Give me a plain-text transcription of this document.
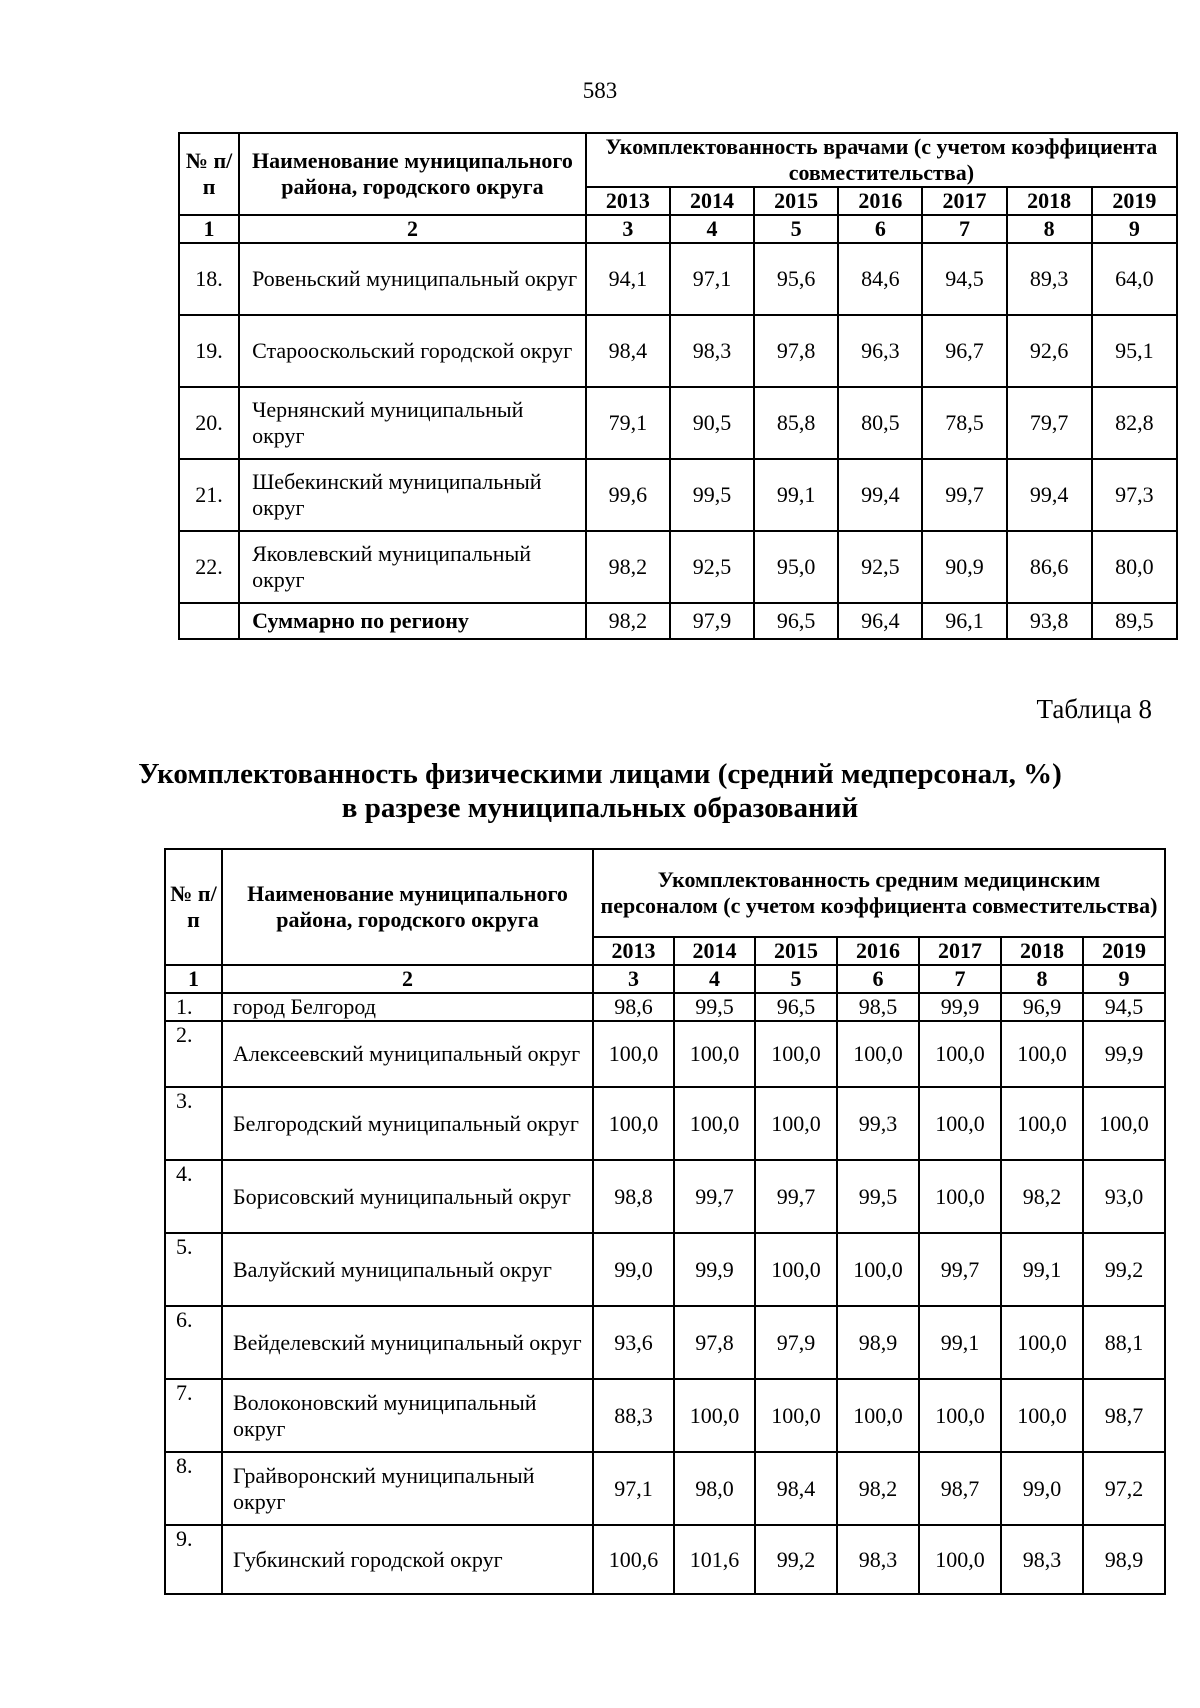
583
№ п/п	Наименование муниципального района, городского округа	Укомплектованность врачами (с учетом коэффициента совместительства)						
		2013	2014	2015	2016	2017	2018	2019
1	2	3	4	5	6	7	8	9
18.	Ровеньский муниципальный округ	94,1	97,1	95,6	84,6	94,5	89,3	64,0
19.	Старооскольский городской округ	98,4	98,3	97,8	96,3	96,7	92,6	95,1
20.	Чернянский муниципальный округ	79,1	90,5	85,8	80,5	78,5	79,7	82,8
21.	Шебекинский муниципальный округ	99,6	99,5	99,1	99,4	99,7	99,4	97,3
22.	Яковлевский муниципальный округ	98,2	92,5	95,0	92,5	90,9	86,6	80,0
	Суммарно по региону	98,2	97,9	96,5	96,4	96,1	93,8	89,5
Таблица 8
Укомплектованность физическими лицами (средний медперсонал, %)
в разрезе муниципальных образований
№ п/п	Наименование муниципального района, городского округа	Укомплектованность средним медицинским персоналом (с учетом коэффициента совместительства)						
		2013	2014	2015	2016	2017	2018	2019
1	2	3	4	5	6	7	8	9
1.	город Белгород	98,6	99,5	96,5	98,5	99,9	96,9	94,5
2.	Алексеевский муниципальный округ	100,0	100,0	100,0	100,0	100,0	100,0	99,9
3.	Белгородский муниципальный округ	100,0	100,0	100,0	99,3	100,0	100,0	100,0
4.	Борисовский муниципальный округ	98,8	99,7	99,7	99,5	100,0	98,2	93,0
5.	Валуйский муниципальный округ	99,0	99,9	100,0	100,0	99,7	99,1	99,2
6.	Вейделевский муниципальный округ	93,6	97,8	97,9	98,9	99,1	100,0	88,1
7.	Волоконовский муниципальный округ	88,3	100,0	100,0	100,0	100,0	100,0	98,7
8.	Грайворонский муниципальный округ	97,1	98,0	98,4	98,2	98,7	99,0	97,2
9.	Губкинский городской округ	100,6	101,6	99,2	98,3	100,0	98,3	98,9
